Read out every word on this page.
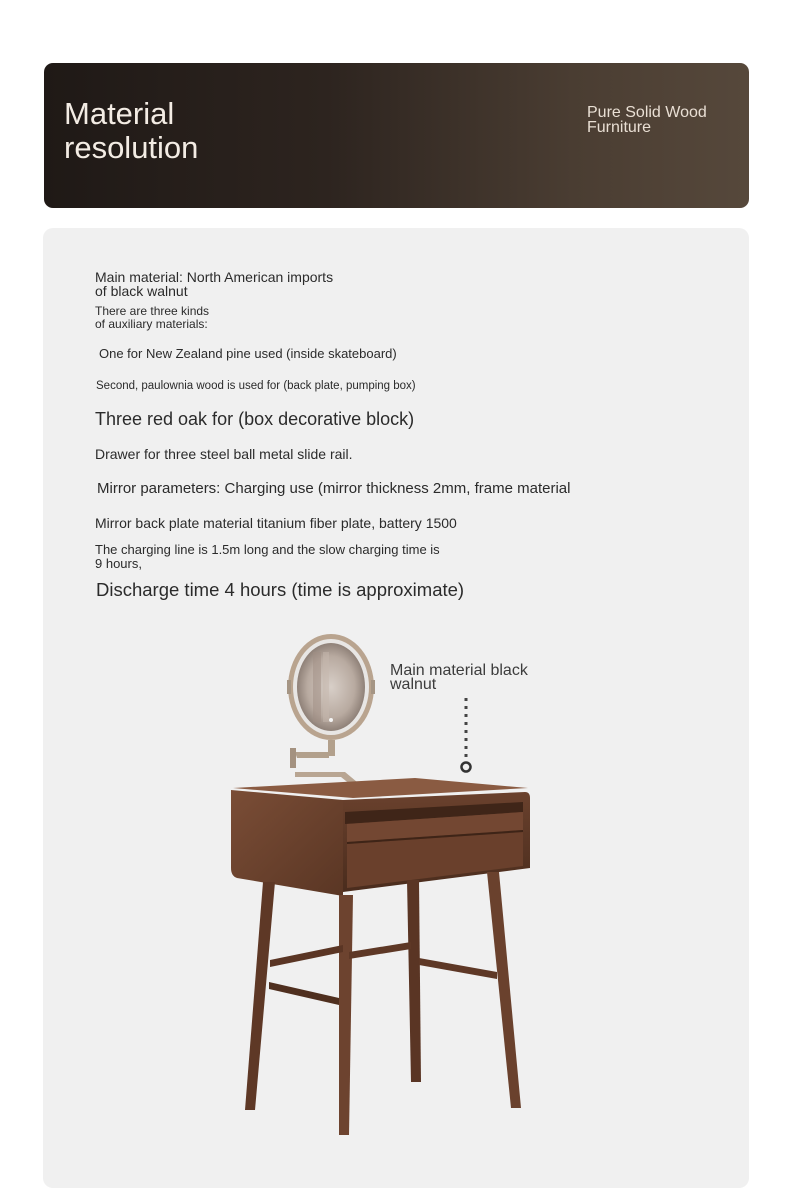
Material
resolution

Pure Solid Wood
Furniture

Main material: North American imports
of black walnut

There are three kinds
of auxiliary materials:

One for New Zealand pine used (inside skateboard)

Second, paulownia wood is used for (back plate, pumping box)

Three red oak for (box decorative block)

Drawer for three steel ball metal slide rail.

Mirror parameters: Charging use (mirror thickness 2mm, frame material

Mirror back plate material titanium fiber plate, battery 1500

The charging line is 1.5m long and the slow charging time is
9 hours,

Discharge time 4 hours (time is approximate)

Main material black
walnut
